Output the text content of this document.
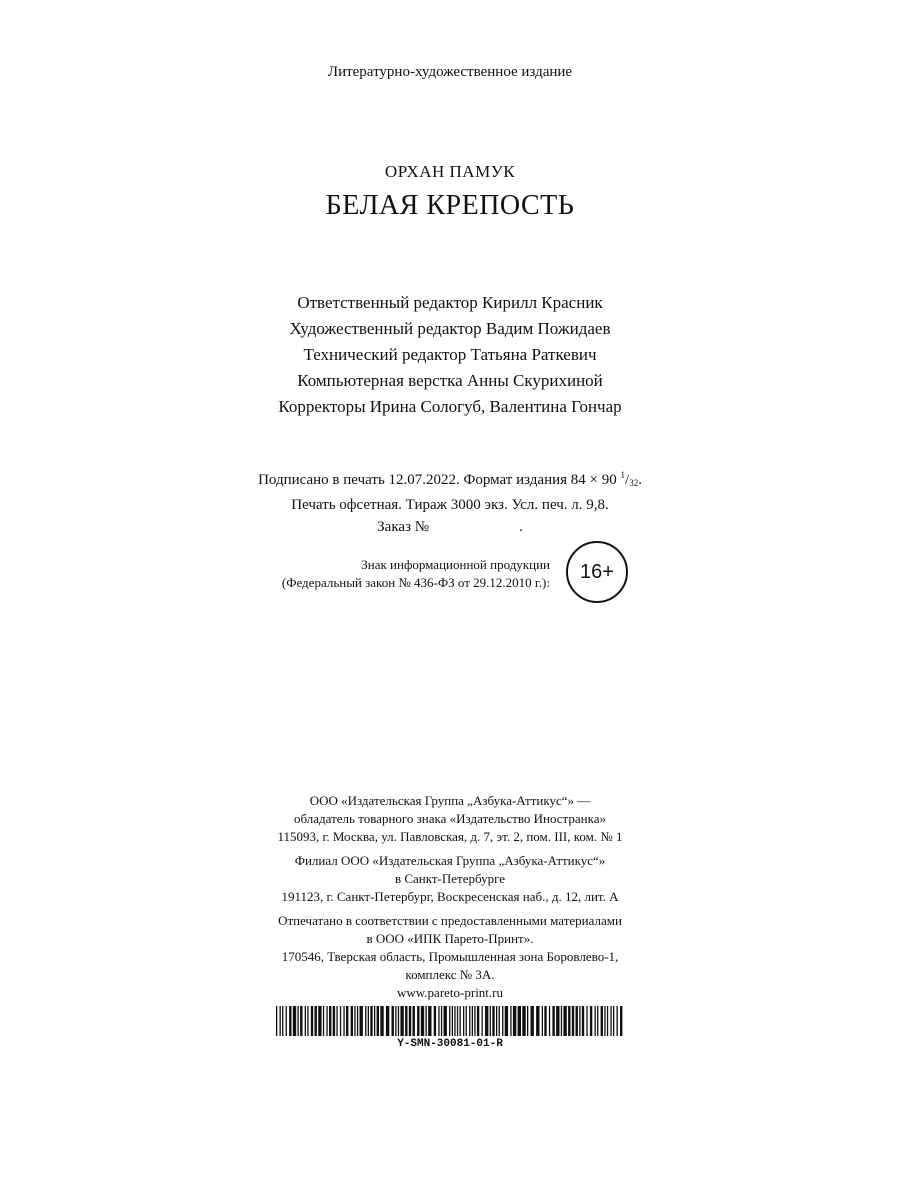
Литературно-художественное издание
ОРХАН ПАМУК
БЕЛАЯ КРЕПОСТЬ
Ответственный редактор Кирилл Красник
Художественный редактор Вадим Пожидаев
Технический редактор Татьяна Раткевич
Компьютерная верстка Анны Скурихиной
Корректоры Ирина Сологуб, Валентина Гончар
Подписано в печать 12.07.2022. Формат издания 84 × 90 $^1/_{32}$.
Печать офсетная. Тираж 3000 экз. Усл. печ. л. 9,8.
Заказ №	.
Знак информационной продукции
(Федеральный закон № 436-ФЗ от 29.12.2010 г.):	16+
ООО «Издательская Группа „Азбука-Аттикус“» —
обладатель товарного знака «Издательство Иностранка»
115093, г. Москва, ул. Павловская, д. 7, эт. 2, пом. III, ком. № 1
Филиал ООО «Издательская Группа „Азбука-Аттикус“»
в Санкт-Петербурге
191123, г. Санкт-Петербург, Воскресенская наб., д. 12, лит. А
Отпечатано в соответствии с предоставленными материалами
в ООО «ИПК Парето-Принт».
170546, Тверская область, Промышленная зона Боровлево-1,
комплекс № 3А.
www.pareto-print.ru
Y-SMN-30081-01-R
